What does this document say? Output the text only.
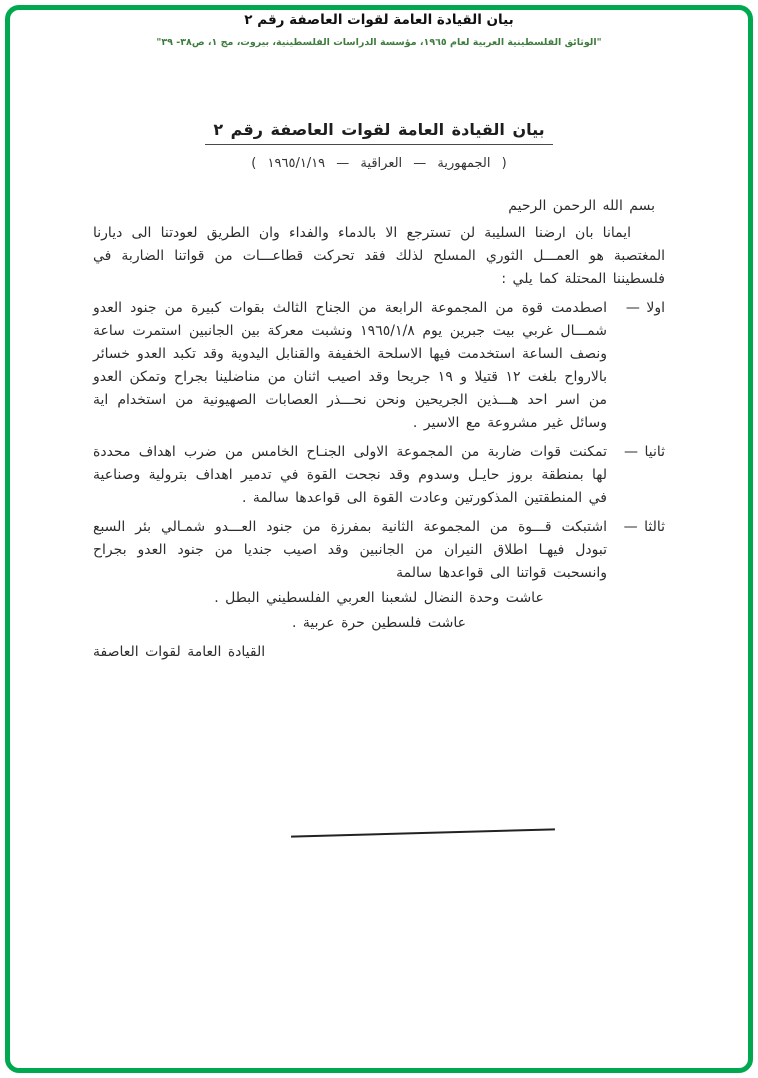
بيان القيادة العامة لقوات العاصفة رقم ٢
"الوثائق الفلسطينية العربية لعام ١٩٦٥، مؤسسة الدراسات الفلسطينية، بيروت، مج ١، ص٣٨- ٣٩"
بيان القيادة العامة لقوات العاصفة رقم ٢
( الجمهورية — العراقية — ١٩٦٥/١/١٩ )
بسم الله الرحمن الرحيم

ايمانا بان ارضنا السليبة لن تسترجع الا بالدماء والفداء وان الطريق لعودتنا الى ديارنا المغتصبة هو العمـــل الثوري المسلح لذلك فقد تحركت قطاعـــات من قواتنا الضاربة في فلسطيننا المحتلة كما يلي :

اولا —
اصطدمت قوة من المجموعة الرابعة من الجناح الثالث بقوات كبيرة من جنود العدو شمـــال غربي بيت جبرين يوم ١٩٦٥/١/٨ ونشبت معركة بين الجانبين استمرت ساعة ونصف الساعة استخدمت فيها الاسلحة الخفيفة والقنابل اليدوية وقد تكبد العدو خسائر بالارواح بلغت ١٢ قتيلا و ١٩ جريحا وقد اصيب اثنان من مناضلينا بجراح وتمكن العدو من اسر احد هـــذين الجريحين ونحن نحـــذر العصابات الصهيونية من استخدام اية وسائل غير مشروعة مع الاسير .
ثانيا —
تمكنت قوات ضاربة من المجموعة الاولى الجنـاح الخامس من ضرب اهداف محددة لها بمنطقة بروز حايـل وسدوم وقد نجحت القوة في تدمير اهداف بترولية وصناعية في المنطقتين المذكورتين وعادت القوة الى قواعدها سالمة .
ثالثا —
اشتبكت قـــوة من المجموعة الثانية بمفرزة من جنود العـــدو شمـالي بئر السبع تبودل فيهـا اطلاق النيران من الجانبين وقد اصيب جنديا من جنود العدو بجراح وانسحبت قواتنا الى قواعدها سالمة
عاشت وحدة النضال لشعبنا العربي الفلسطيني البطل .
عاشت فلسطين حرة عربية .
القيادة العامة لقوات العاصفة
